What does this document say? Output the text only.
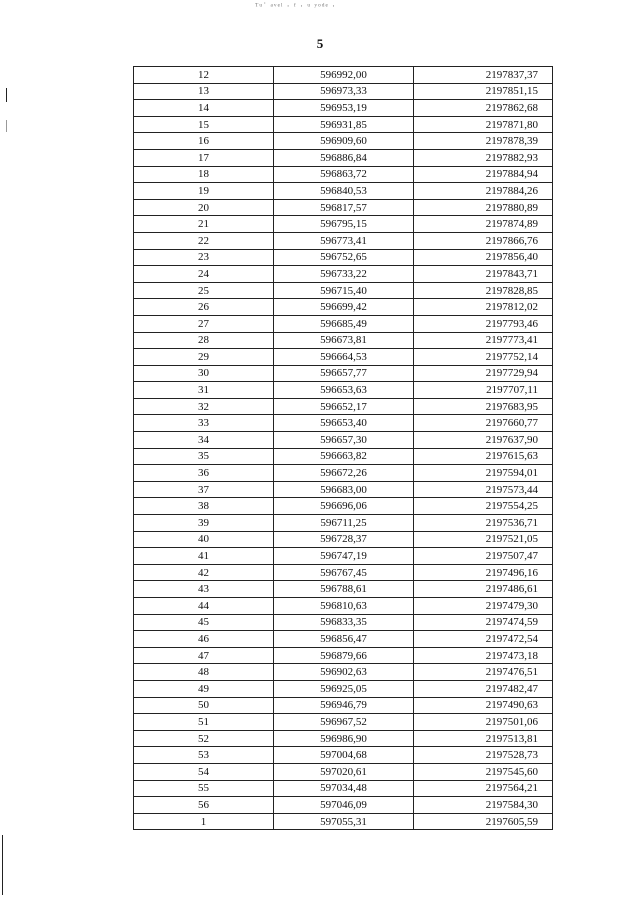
ᵀᵘ˙ ᵃᵛᵉˡ · ᶠ · ᵘ ʸᵒᵈᵉ ·
5
12	596992,00	2197837,37
13	596973,33	2197851,15
14	596953,19	2197862,68
15	596931,85	2197871,80
16	596909,60	2197878,39
17	596886,84	2197882,93
18	596863,72	2197884,94
19	596840,53	2197884,26
20	596817,57	2197880,89
21	596795,15	2197874,89
22	596773,41	2197866,76
23	596752,65	2197856,40
24	596733,22	2197843,71
25	596715,40	2197828,85
26	596699,42	2197812,02
27	596685,49	2197793,46
28	596673,81	2197773,41
29	596664,53	2197752,14
30	596657,77	2197729,94
31	596653,63	2197707,11
32	596652,17	2197683,95
33	596653,40	2197660,77
34	596657,30	2197637,90
35	596663,82	2197615,63
36	596672,26	2197594,01
37	596683,00	2197573,44
38	596696,06	2197554,25
39	596711,25	2197536,71
40	596728,37	2197521,05
41	596747,19	2197507,47
42	596767,45	2197496,16
43	596788,61	2197486,61
44	596810,63	2197479,30
45	596833,35	2197474,59
46	596856,47	2197472,54
47	596879,66	2197473,18
48	596902,63	2197476,51
49	596925,05	2197482,47
50	596946,79	2197490,63
51	596967,52	2197501,06
52	596986,90	2197513,81
53	597004,68	2197528,73
54	597020,61	2197545,60
55	597034,48	2197564,21
56	597046,09	2197584,30
1	597055,31	2197605,59
